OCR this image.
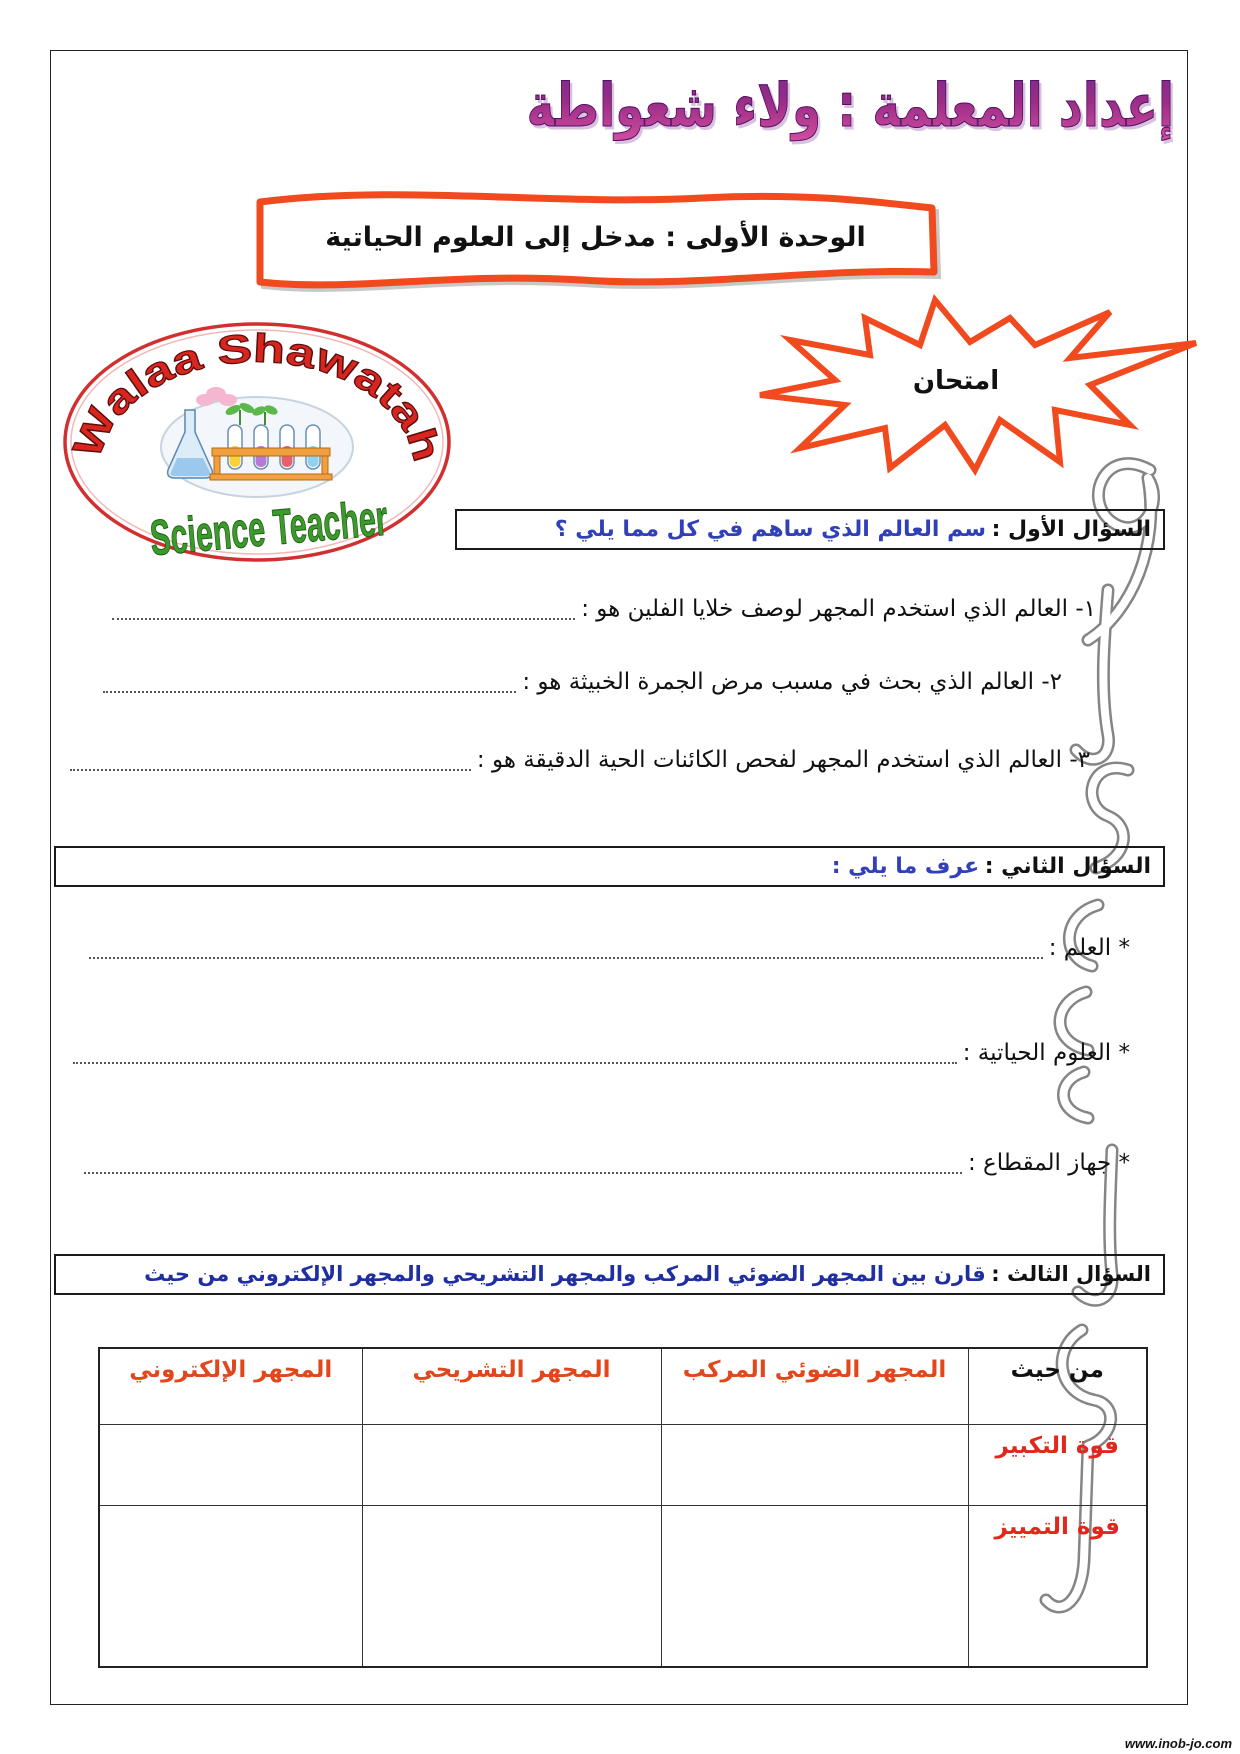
إعداد المعلمة : ولاء شعواطة
الوحدة الأولى : مدخل إلى العلوم الحياتية
امتحان
Walaa Shawatah
Science Teacher	السؤال الأول : سم العالم الذي ساهم في كل مما يلي ؟
١- العالم الذي استخدم المجهر لوصف خلايا الفلين هو :
٢- العالم الذي بحث في مسبب مرض الجمرة الخبيثة هو :
٣- العالم الذي استخدم المجهر لفحص الكائنات الحية الدقيقة هو :
السؤال الثاني : عرف ما يلي :
* العلم :
* العلوم الحياتية :
* جهاز المقطاع :
السؤال الثالث : قارن بين المجهر الضوئي المركب والمجهر التشريحي والمجهر الإلكتروني من حيث
من حيث	المجهر الضوئي المركب	المجهر التشريحي	المجهر الإلكتروني
قوة التكبير			
قوة التمييز			
www.inob-jo.com
